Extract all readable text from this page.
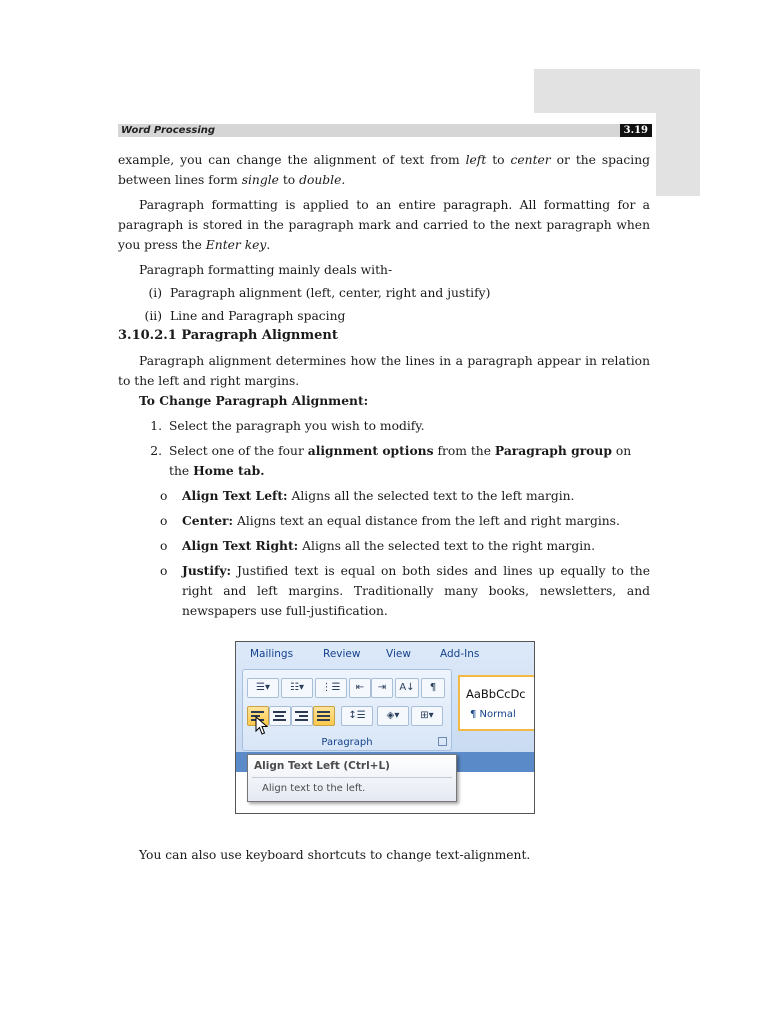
Word Processing	3.19

example, you can change the alignment of text from left to center or the spacing between lines form single to double.

Paragraph formatting is applied to an entire paragraph. All formatting for a paragraph is stored in the paragraph mark and carried to the next paragraph when you press the Enter key.

Paragraph formatting mainly deals with-

(i) Paragraph alignment (left, center, right and justify)
(ii) Line and Paragraph spacing

3.10.2.1 Paragraph Alignment

Paragraph alignment determines how the lines in a paragraph appear in relation to the left and right margins.

To Change Paragraph Alignment:

1. Select the paragraph you wish to modify.
2. Select one of the four alignment options from the Paragraph group on the Home tab.
o Align Text Left: Aligns all the selected text to the left margin.
o Center: Aligns text an equal distance from the left and right margins.
o Align Text Right: Aligns all the selected text to the right margin.
o Justify: Justified text is equal on both sides and lines up equally to the right and left margins. Traditionally many books, newsletters, and newspapers use full-justification.

Mailings	Review View	Add-Ins
☰▾	☷▾	⋮☰	⇤	⇥	A↓	¶
↕☰	◈▾	⊞▾
Paragraph
AaBbCcDc
¶ Normal
Align Text Left (Ctrl+L)
Align text to the left.

You can also use keyboard shortcuts to change text-alignment.
